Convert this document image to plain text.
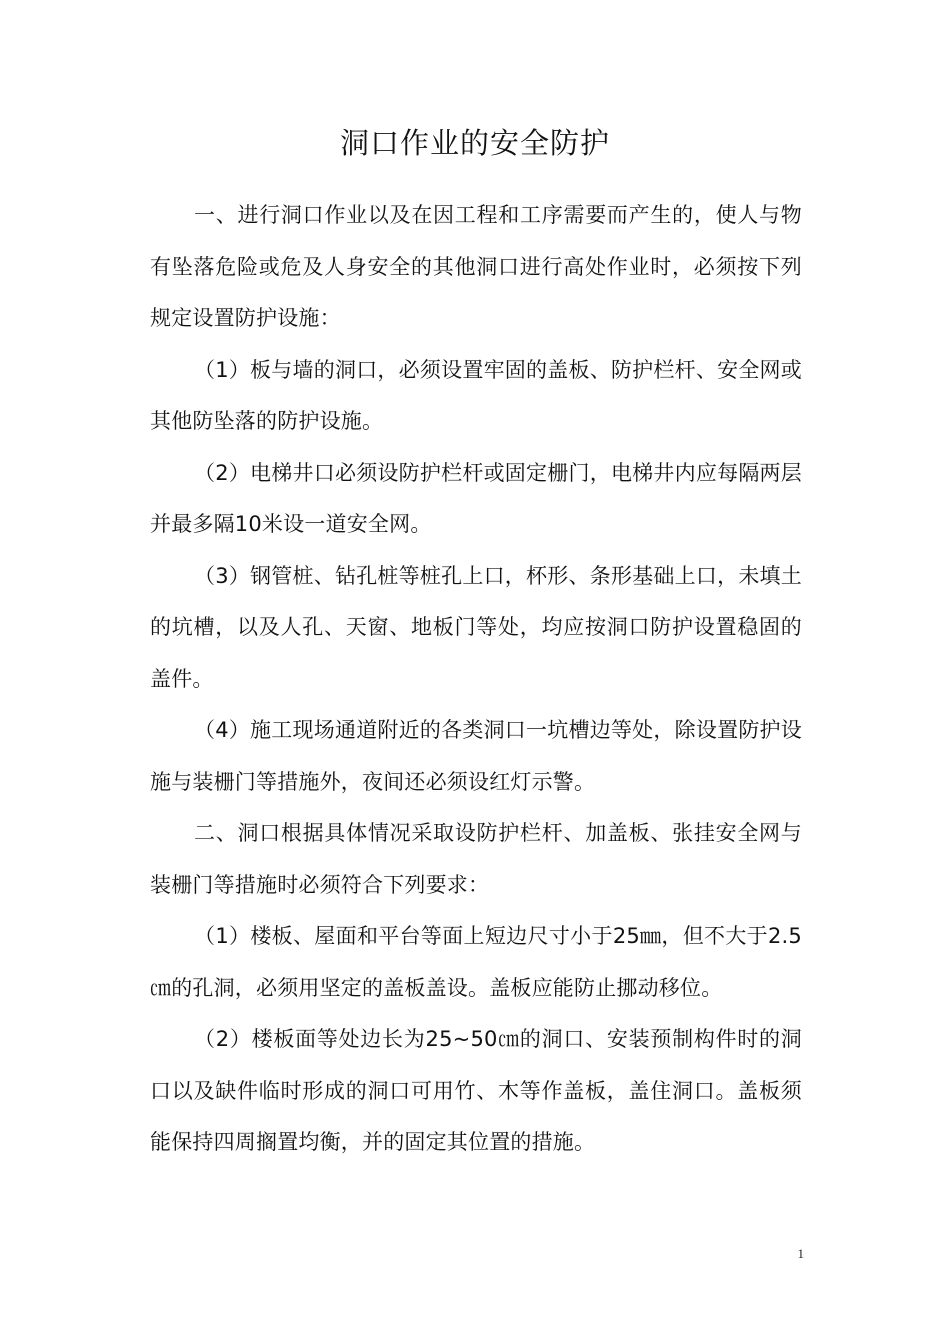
洞口作业的安全防护

一、进行洞口作业以及在因工程和工序需要而产生的，使人与物有坠落危险或危及人身安全的其他洞口进行高处作业时，必须按下列规定设置防护设施：

（1）板与墙的洞口，必须设置牢固的盖板、防护栏杆、安全网或其他防坠落的防护设施。

（2）电梯井口必须设防护栏杆或固定栅门，电梯井内应每隔两层并最多隔10米设一道安全网。

（3）钢管桩、钻孔桩等桩孔上口，杯形、条形基础上口，未填土的坑槽，以及人孔、天窗、地板门等处，均应按洞口防护设置稳固的盖件。

（4）施工现场通道附近的各类洞口一坑槽边等处，除设置防护设施与装栅门等措施外，夜间还必须设红灯示警。

二、洞口根据具体情况采取设防护栏杆、加盖板、张挂安全网与装栅门等措施时必须符合下列要求：

（1）楼板、屋面和平台等面上短边尺寸小于25㎜，但不大于2.5㎝的孔洞，必须用坚定的盖板盖设。盖板应能防止挪动移位。

（2）楼板面等处边长为25~50㎝的洞口、安装预制构件时的洞口以及缺件临时形成的洞口可用竹、木等作盖板，盖住洞口。盖板须能保持四周搁置均衡，并的固定其位置的措施。

1
